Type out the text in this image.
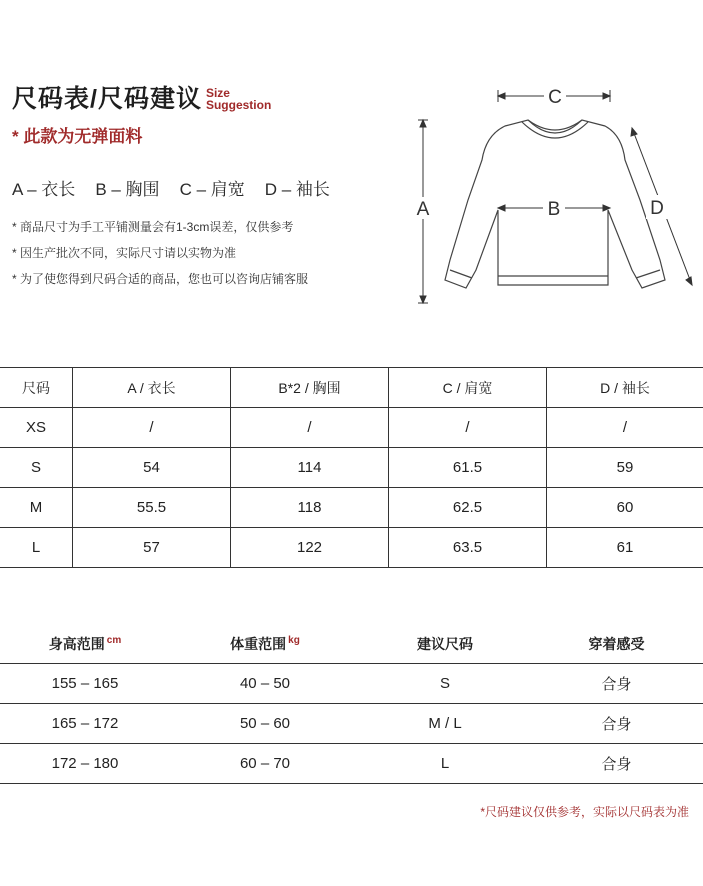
尺码表/尺码建议 Size
Suggestion
* 此款为无弹面料
A – 衣长 B – 胸围 C – 肩宽 D – 袖长
* 商品尺寸为手工平铺测量会有1-3cm误差，仅供参考
* 因生产批次不同，实际尺寸请以实物为准
* 为了使您得到尺码合适的商品，您也可以咨询店铺客服
A
C
B	D
尺码	A / 衣长	B*2 / 胸围	C / 肩宽	D / 袖长
XS	/	/	/	/
S	54	114	61.5	59
M	55.5	118	62.5	60
L	57	122	63.5	61
身高范围 $^{cm}$	体重范围 $^{kg}$	建议尺码	穿着感受
155 – 165	40 – 50	S	合身
165 – 172	50 – 60	M / L	合身
172 – 180	60 – 70	L	合身
*尺码建议仅供参考，实际以尺码表为准
